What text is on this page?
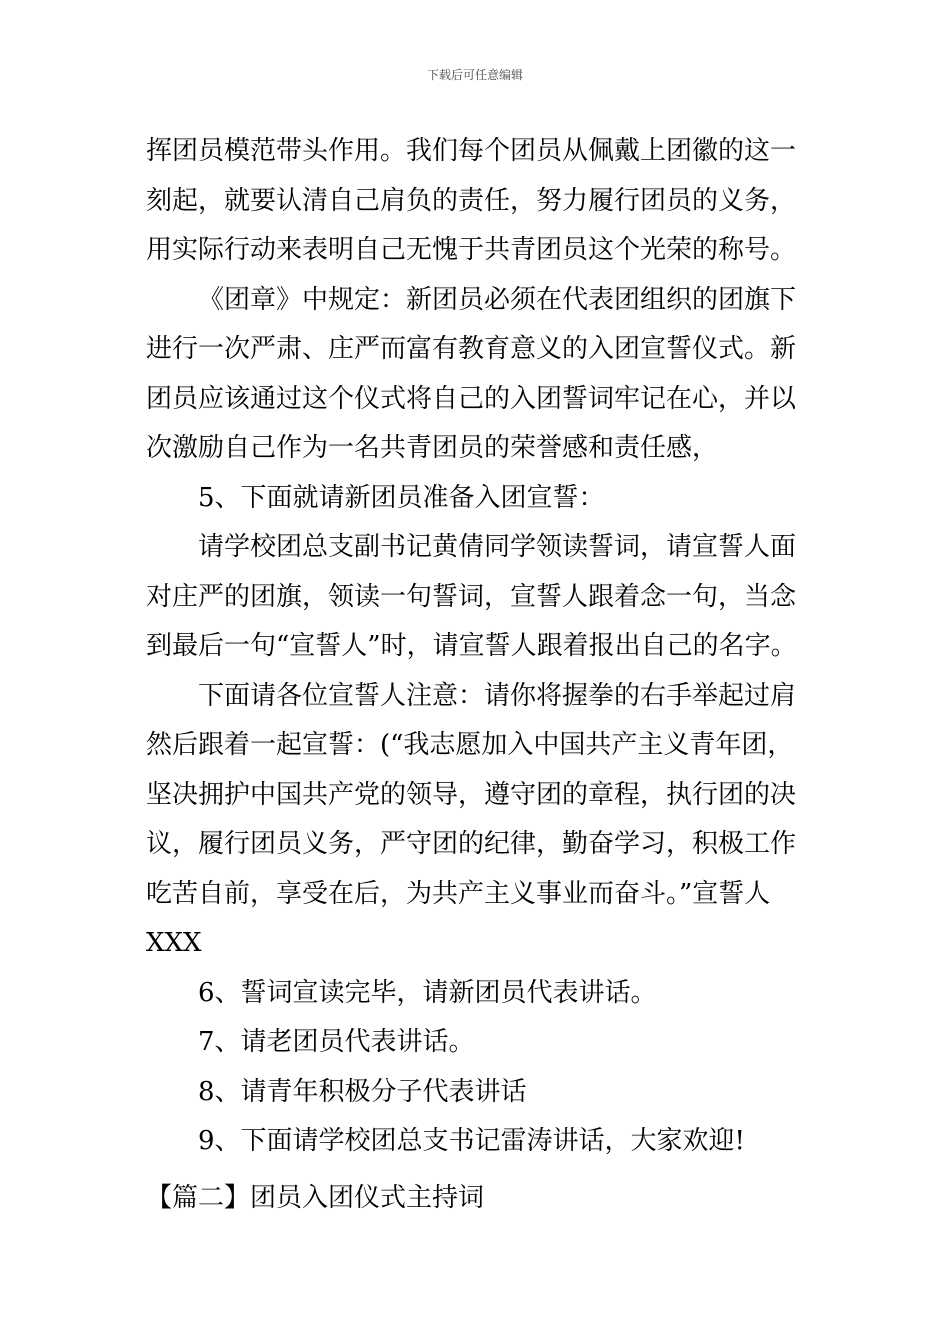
下载后可任意编辑

挥团员模范带头作用。我们每个团员从佩戴上团徽的这一

刻起，就要认清自己肩负的责任，努力履行团员的义务，

用实际行动来表明自己无愧于共青团员这个光荣的称号。

《团章》中规定：新团员必须在代表团组织的团旗下

进行一次严肃、庄严而富有教育意义的入团宣誓仪式。新

团员应该通过这个仪式将自己的入团誓词牢记在心，并以

次激励自己作为一名共青团员的荣誉感和责任感，

5、下面就请新团员准备入团宣誓：

请学校团总支副书记黄倩同学领读誓词，请宣誓人面

对庄严的团旗，领读一句誓词，宣誓人跟着念一句，当念

到最后一句“宣誓人”时，请宣誓人跟着报出自己的名字。

下面请各位宣誓人注意：请你将握拳的右手举起过肩

然后跟着一起宣誓：(“我志愿加入中国共产主义青年团，

坚决拥护中国共产党的领导，遵守团的章程，执行团的决

议，履行团员义务，严守团的纪律，勤奋学习，积极工作

吃苦自前，享受在后，为共产主义事业而奋斗。”宣誓人

XXX

6、誓词宣读完毕，请新团员代表讲话。

7、请老团员代表讲话。

8、请青年积极分子代表讲话

9、下面请学校团总支书记雷涛讲话，大家欢迎!

【篇二】团员入团仪式主持词
